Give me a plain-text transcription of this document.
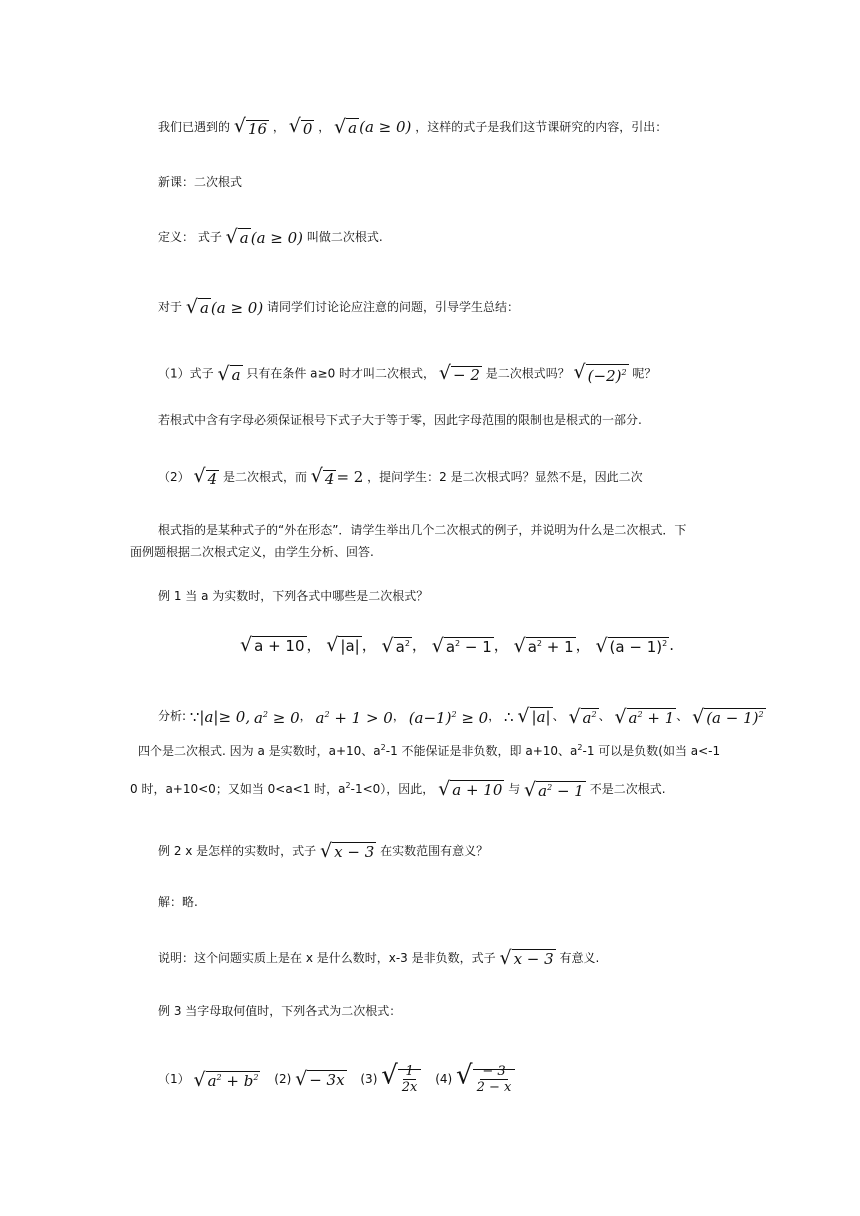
我们已遇到的 √ 16 ， √ 0 ， √ a (a ≥ 0) ，这样的式子是我们这节课研究的内容，引出：
新课：二次根式
定义： 式子 √ a (a ≥ 0) 叫做二次根式.
对于 √ a (a ≥ 0) 请同学们讨论论应注意的问题，引导学生总结：
（1）式子 √ a 只有在条件 a≥0 时才叫二次根式， √ − 2 是二次根式吗？ √ $(-2)^2$ 呢？
若根式中含有字母必须保证根号下式子大于等于零，因此字母范围的限制也是根式的一部分.
（2） √ 4 是二次根式，而 √ 4 = 2 ，提问学生：2 是二次根式吗？显然不是，因此二次
根式指的是某种式子的“外在形态”．请学生举出几个二次根式的例子，并说明为什么是二次根式．下
面例题根据二次根式定义，由学生分析、回答.
例 1 当 a 为实数时，下列各式中哪些是二次根式？
√ a + 10 ， √ |a| ， √ $a^2$ ， √ $a^2 - 1$ ， √ $a^2 + 1$ ， √ $(a - 1)^2$ .
分析: ∵|a|≥ 0, $a^2 \ge 0$， $a^2 + 1 > 0$， $(a-1)^2 \ge 0$， ∴ √ |a| 、 √ $a^2$ 、 √ $a^2 + 1$ 、 √ $(a - 1)^2$
四个是二次根式. 因为 a 是实数时，a+10、$a^2-1$ 不能保证是非负数，即 a+10、$a^2-1$ 可以是负数(如当 a<-1
0 时，a+10<0；又如当 0<a<1 时，$a^2-1<0$），因此， √ a + 10 与 √ $a^2 - 1$ 不是二次根式.
例 2 x 是怎样的实数时，式子 √ x − 3 在实数范围有意义？
解：略.
说明：这个问题实质上是在 x 是什么数时，x-3 是非负数，式子 √ x − 3 有意义.
例 3 当字母取何值时，下列各式为二次根式：
（1） √ $a^2 + b^2$ (2) √ − 3x (3) √ $\frac{1}{2x} (4)$ √ $\frac{- 3}{2 - x}$
